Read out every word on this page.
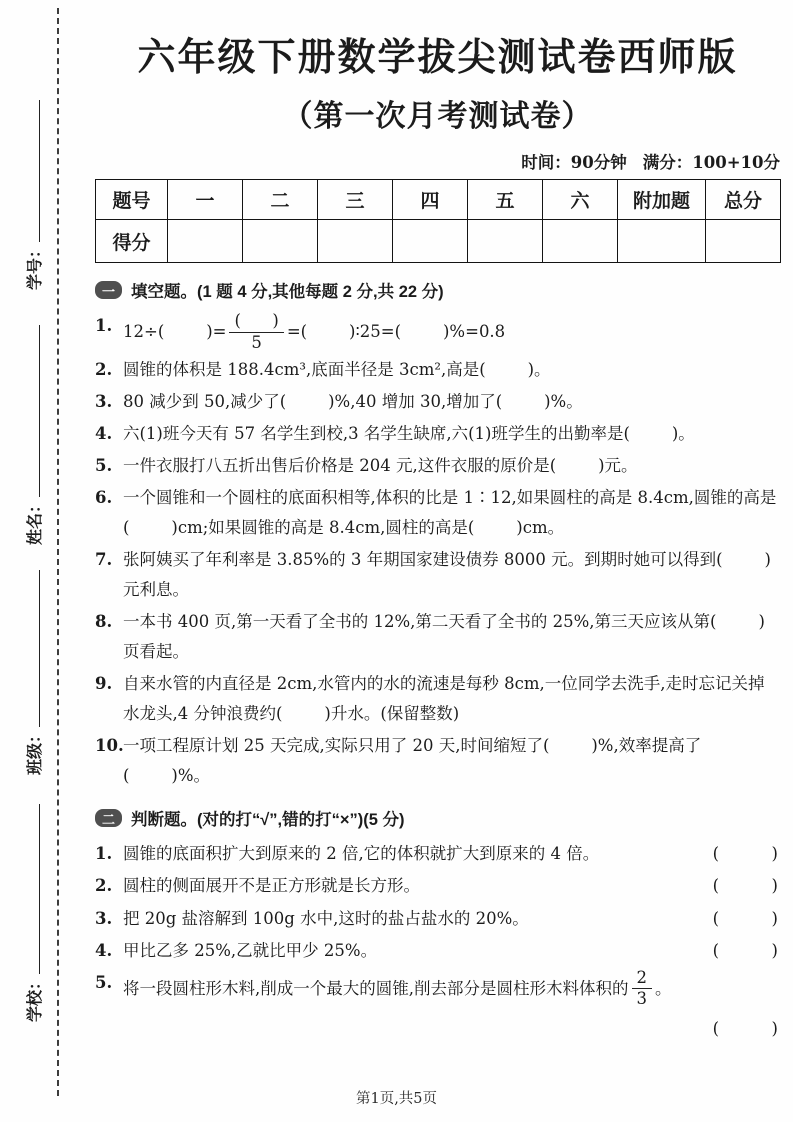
学号：
姓名：
班级：
学校：
六年级下册数学拔尖测试卷西师版
（第一次月考测试卷）
时间：90分钟 满分：100+10分
题号	一	二	三	四	五	六	附加题	总分
得分								
一 填空题。(1 题 4 分,其他每题 2 分,共 22 分)
1. 12÷(        )= $\frac{( )}{5}$ =(        )∶25=(        )%=0.8
2. 圆锥的体积是 188.4cm³,底面半径是 3cm²,高是(        )。
3. 80 减少到 50,减少了(        )%,40 增加 30,增加了(        )%。
4. 六(1)班今天有 57 名学生到校,3 名学生缺席,六(1)班学生的出勤率是(        )。
5. 一件衣服打八五折出售后价格是 204 元,这件衣服的原价是(        )元。
6. 一个圆锥和一个圆柱的底面积相等,体积的比是 1∶12,如果圆柱的高是 8.4cm,圆锥的高是(        )cm;如果圆锥的高是 8.4cm,圆柱的高是(        )cm。
7. 张阿姨买了年利率是 3.85%的 3 年期国家建设债券 8000 元。到期时她可以得到(        )元利息。
8. 一本书 400 页,第一天看了全书的 12%,第二天看了全书的 25%,第三天应该从第(        )页看起。
9. 自来水管的内直径是 2cm,水管内的水的流速是每秒 8cm,一位同学去洗手,走时忘记关掉水龙头,4 分钟浪费约(        )升水。(保留整数)
10. 一项工程原计划 25 天完成,实际只用了 20 天,时间缩短了(        )%,效率提高了(        )%。
二 判断题。(对的打“√”,错的打“×”)(5 分)
1. 圆锥的底面积扩大到原来的 2 倍,它的体积就扩大到原来的 4 倍。	(          )
2. 圆柱的侧面展开不是正方形就是长方形。	(          )
3. 把 20g 盐溶解到 100g 水中,这时的盐占盐水的 20%。	(          )
4. 甲比乙多 25%,乙就比甲少 25%。	(          )
5. 将一段圆柱形木料,削成一个最大的圆锥,削去部分是圆柱形木料体积的 $\frac{2}{3}$ 。
(          )
第1页,共5页
